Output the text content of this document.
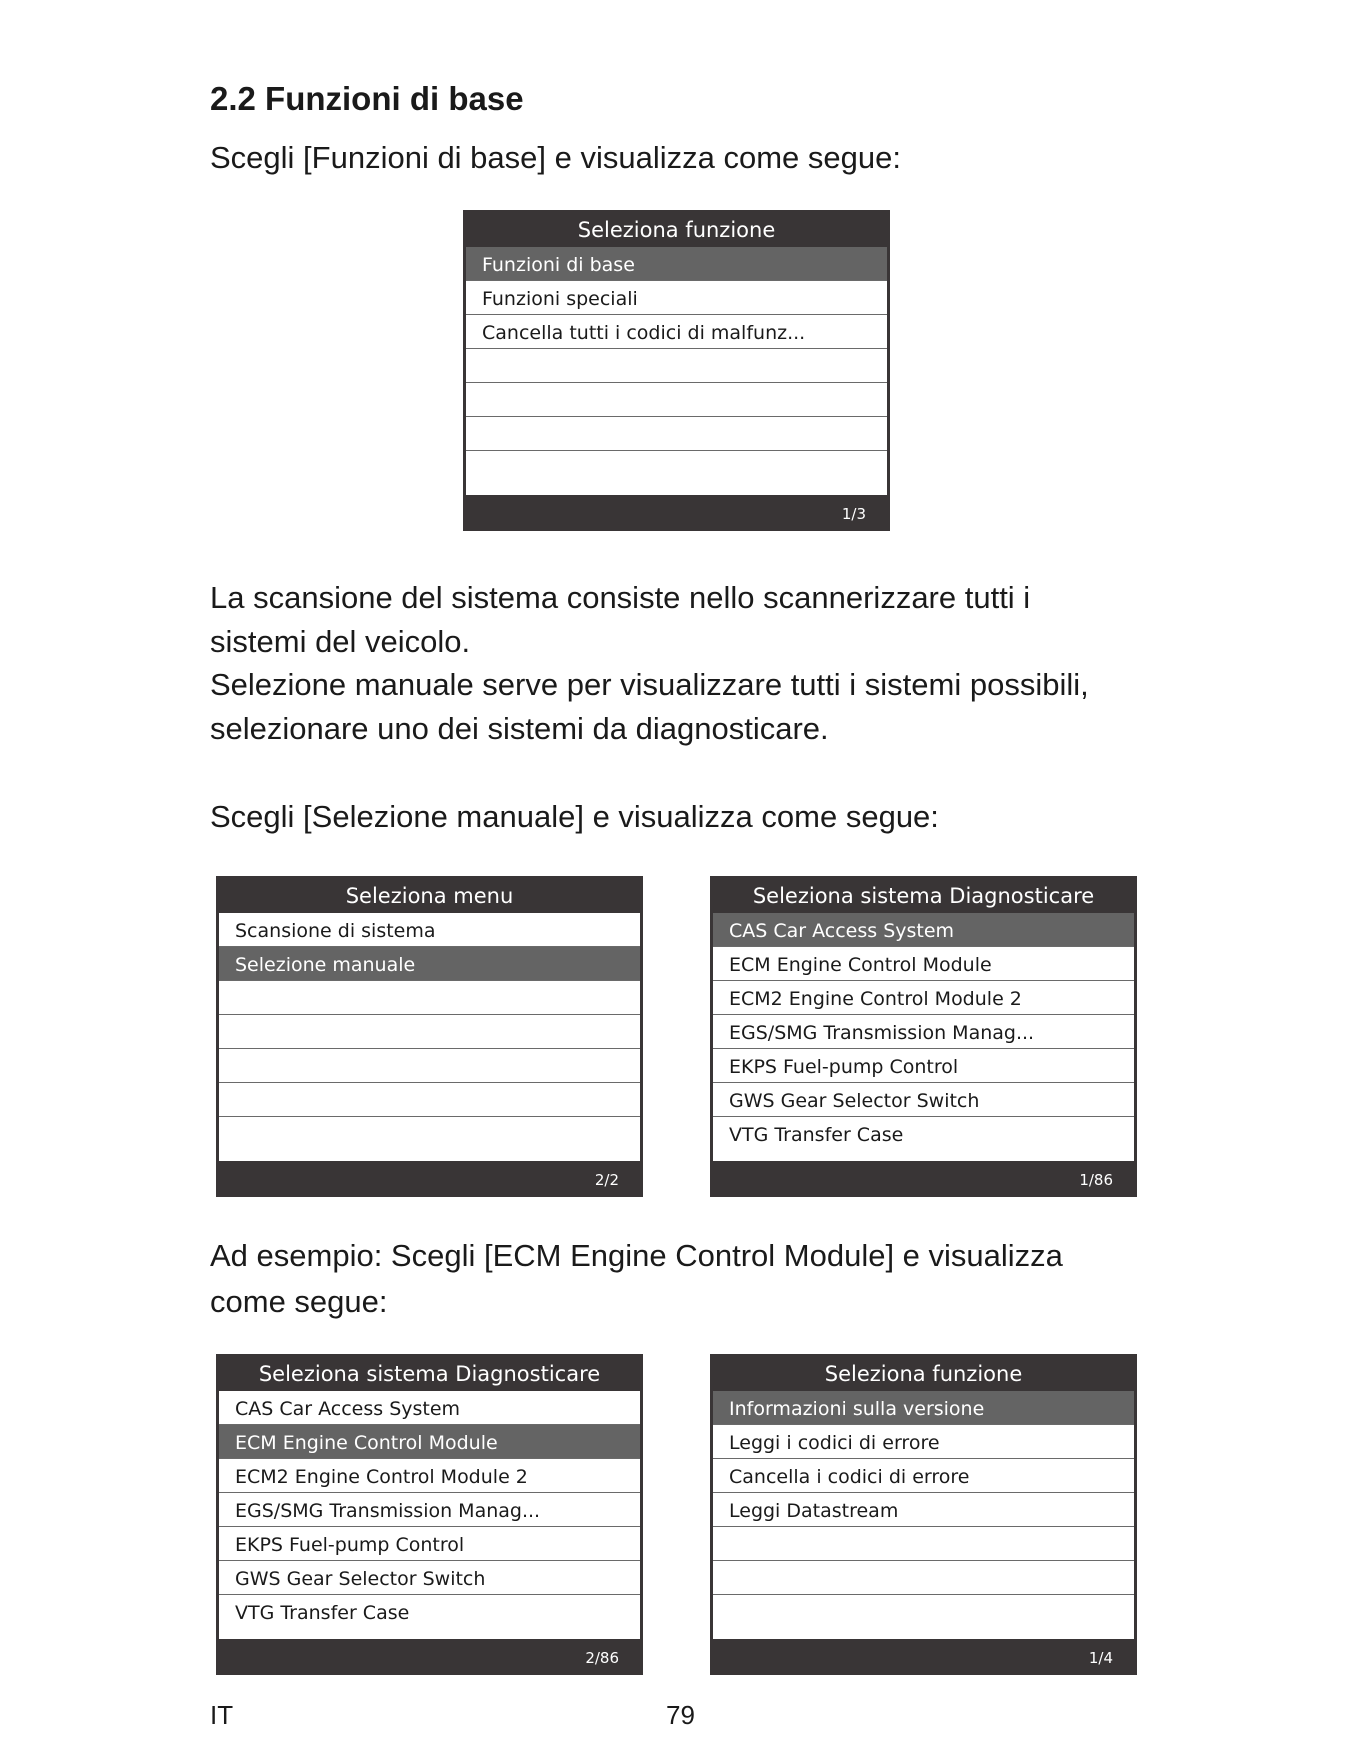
2.2 Funzioni di base

Scegli [Funzioni di base] e visualizza come segue:

Seleziona funzione
Funzioni di base
Funzioni speciali
Cancella tutti i codici di malfunz...
1/3

La scansione del sistema consiste nello scannerizzare tutti i

sistemi del veicolo.

Selezione manuale serve per visualizzare tutti i sistemi possibili,

selezionare uno dei sistemi da diagnosticare.

Scegli [Selezione manuale] e visualizza come segue:

Seleziona menu
Scansione di sistema
Selezione manuale
2/2
Seleziona sistema Diagnosticare
CAS Car Access System
ECM Engine Control Module
ECM2 Engine Control Module 2
EGS/SMG Transmission Manag...
EKPS Fuel-pump Control
GWS Gear Selector Switch
VTG Transfer Case
1/86

Ad esempio: Scegli [ECM Engine Control Module] e visualizza

come segue:

Seleziona sistema Diagnosticare
CAS Car Access System
ECM Engine Control Module
ECM2 Engine Control Module 2
EGS/SMG Transmission Manag...
EKPS Fuel-pump Control
GWS Gear Selector Switch
VTG Transfer Case
2/86
Seleziona funzione
Informazioni sulla versione
Leggi i codici di errore
Cancella i codici di errore
Leggi Datastream
1/4
IT	79
